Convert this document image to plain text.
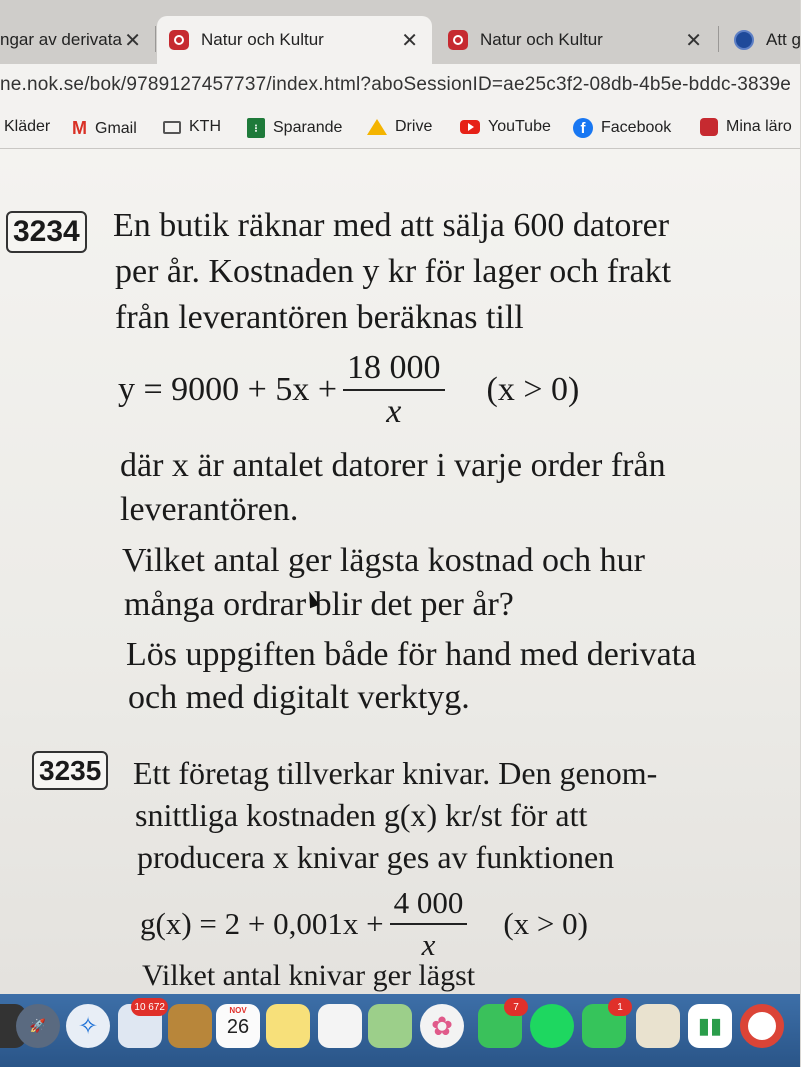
ngar av derivata ✕	Natur och Kultur	✕	Natur och Kultur	✕	Att g
ne.nok.se/bok/9789127457737/index.html?aboSessionID=ae25c3f2-08db-4b5e-bddc-3839e
Kläder M Gmail	KTH	⁝ Sparande	Drive	YouTube	f Facebook	Mina läro
3234 En butik räknar med att sälja 600 datorer
per år. Kostnaden y kr för lager och frakt
från leverantören beräknas till
$y = 9000 + 5x + \frac{18 000}{x} (x > 0)$
där x är antalet datorer i varje order från
leverantören.
Vilket antal ger lägsta kostnad och hur
många ordrar blir det per år?
Lös uppgiften både för hand med derivata
och med digitalt verktyg.
3235 Ett företag tillverkar knivar. Den genom-
snittliga kostnaden g(x) kr/st för att
producera x knivar ges av funktionen
$g(x) = 2 + 0,001x + \frac{4 000}{x} (x > 0)$
Vilket antal knivar ger lägst
🚀	✧
10 672	NOV
26	✿
7	1
▮▮
